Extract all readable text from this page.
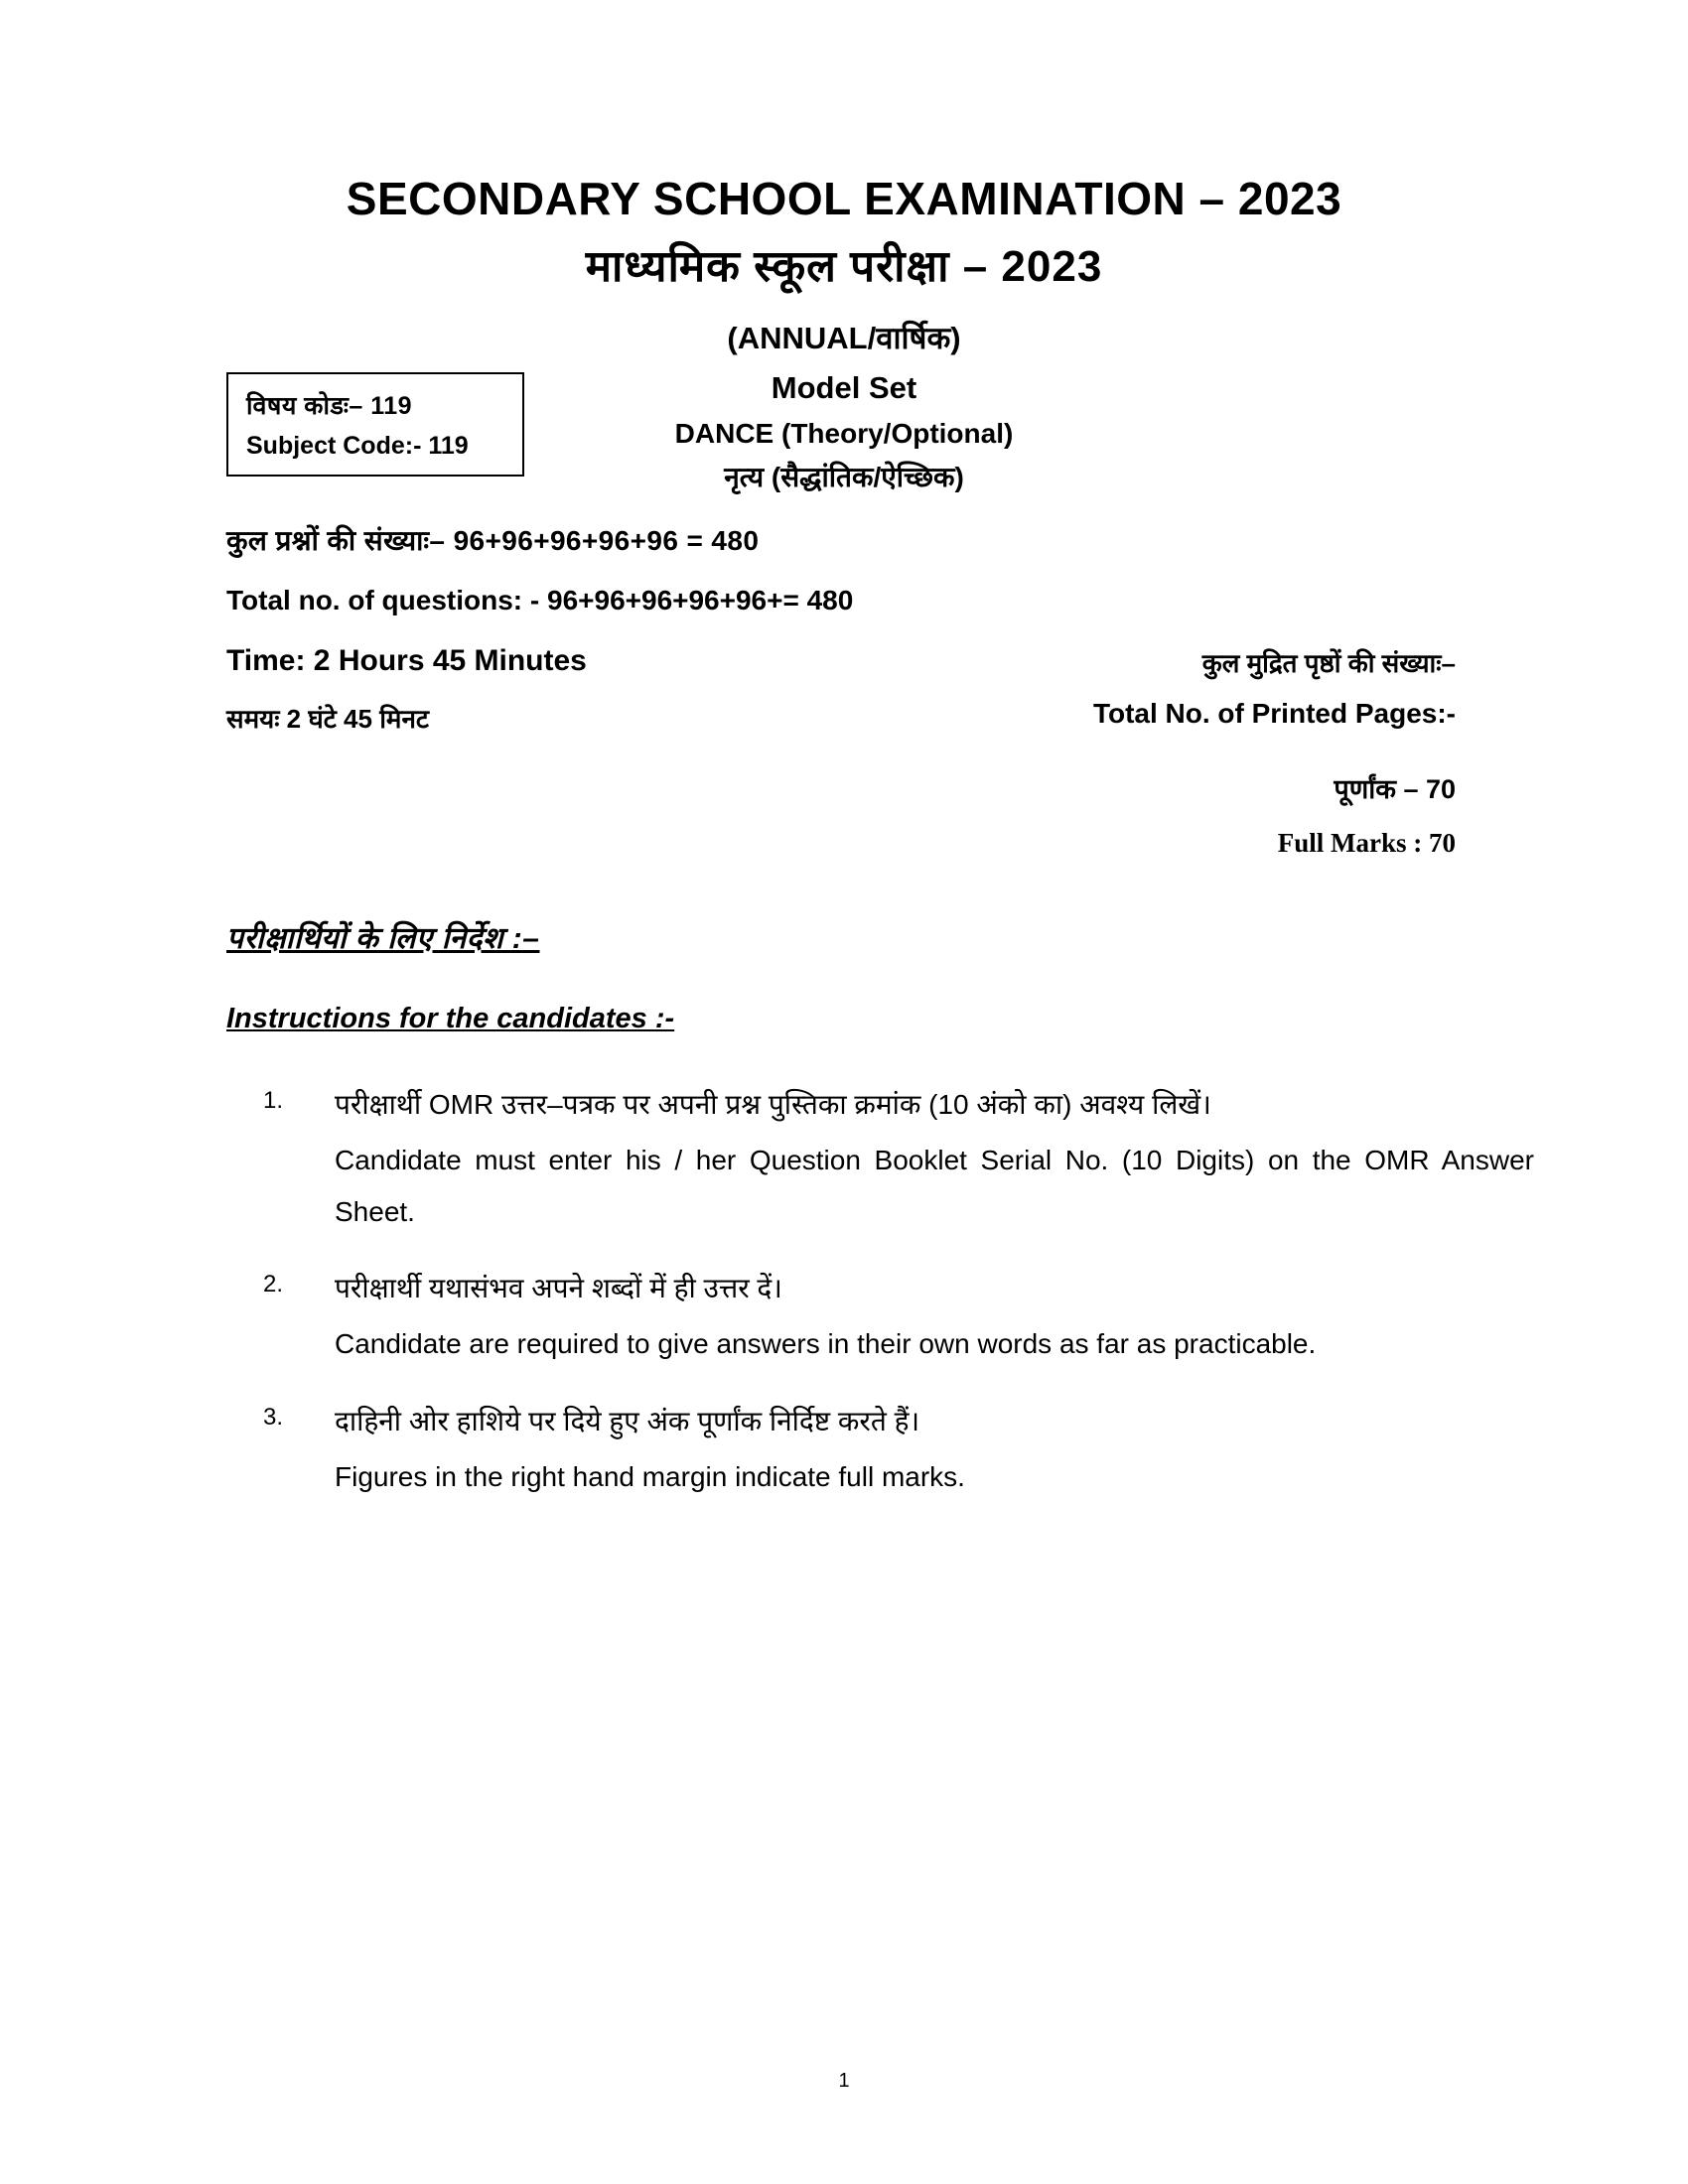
SECONDARY SCHOOL EXAMINATION – 2023
माध्यमिक स्कूल परीक्षा – 2023
विषय कोडः– 119
Subject Code:- 119
(ANNUAL/वार्षिक)
Model Set
DANCE (Theory/Optional)
नृत्य (सैद्धांतिक/ऐच्छिक)
कुल प्रश्नों की संख्याः– 96+96+96+96+96 = 480
Total no. of questions: - 96+96+96+96+96+= 480
Time: 2 Hours 45 Minutes
समयः 2 घंटे 45 मिनट
कुल मुद्रित पृष्ठों की संख्याः–
Total No. of Printed Pages:-
पूर्णांक – 70
Full Marks : 70
परीक्षार्थियों के लिए निर्देश :–
Instructions for the candidates :-
1.	परीक्षार्थी OMR उत्तर–पत्रक पर अपनी प्रश्न पुस्तिका क्रमांक (10 अंको का) अवश्य लिखें।
Candidate must enter his / her Question Booklet Serial No. (10 Digits) on the OMR Answer Sheet.
2.	परीक्षार्थी यथासंभव अपने शब्दों में ही उत्तर दें।
Candidate are required to give answers in their own words as far as practicable.
3.	दाहिनी ओर हाशिये पर दिये हुए अंक पूर्णांक निर्दिष्ट करते हैं।
Figures in the right hand margin indicate full marks.
1
